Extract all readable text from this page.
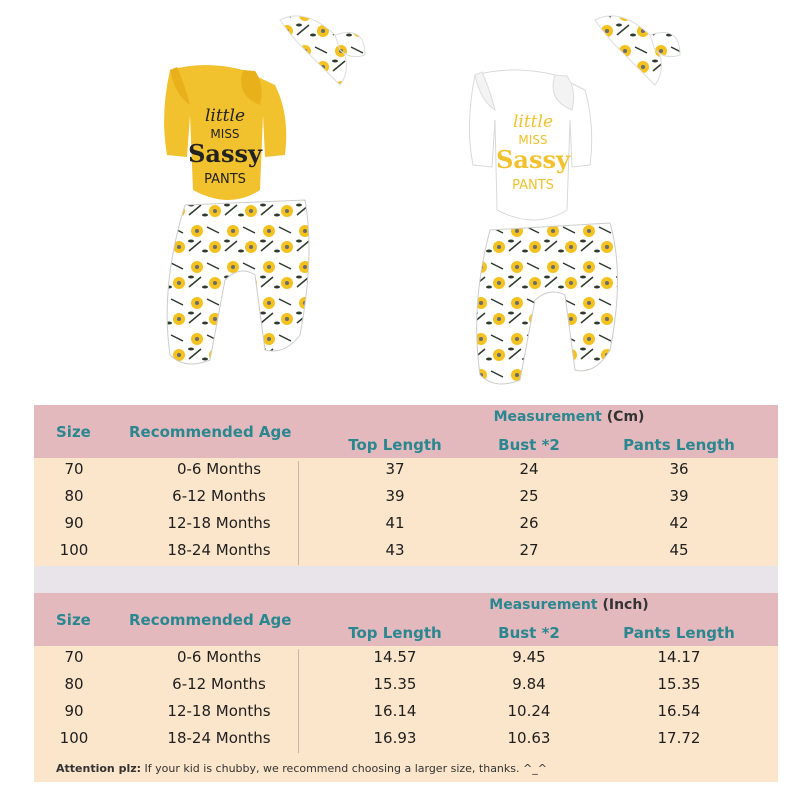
little
MISS
Sassy
PANTS
little
MISS
Sassy
PANTS
Size	Recommended Age
Measurement (Cm)
Top Length	Bust *2	Pants Length
70	0-6 Months	37	24	36
80	6-12 Months	39	25	39
90	12-18 Months	41	26	42
100	18-24 Months	43	27	45
Size	Recommended Age
Measurement (Inch)
Top Length	Bust *2	Pants Length
70	0-6 Months	14.57	9.45	14.17
80	6-12 Months	15.35	9.84	15.35
90	12-18 Months	16.14	10.24	16.54
100	18-24 Months	16.93	10.63	17.72
Attention plz: If your kid is chubby, we recommend choosing a larger size, thanks. ^_^
